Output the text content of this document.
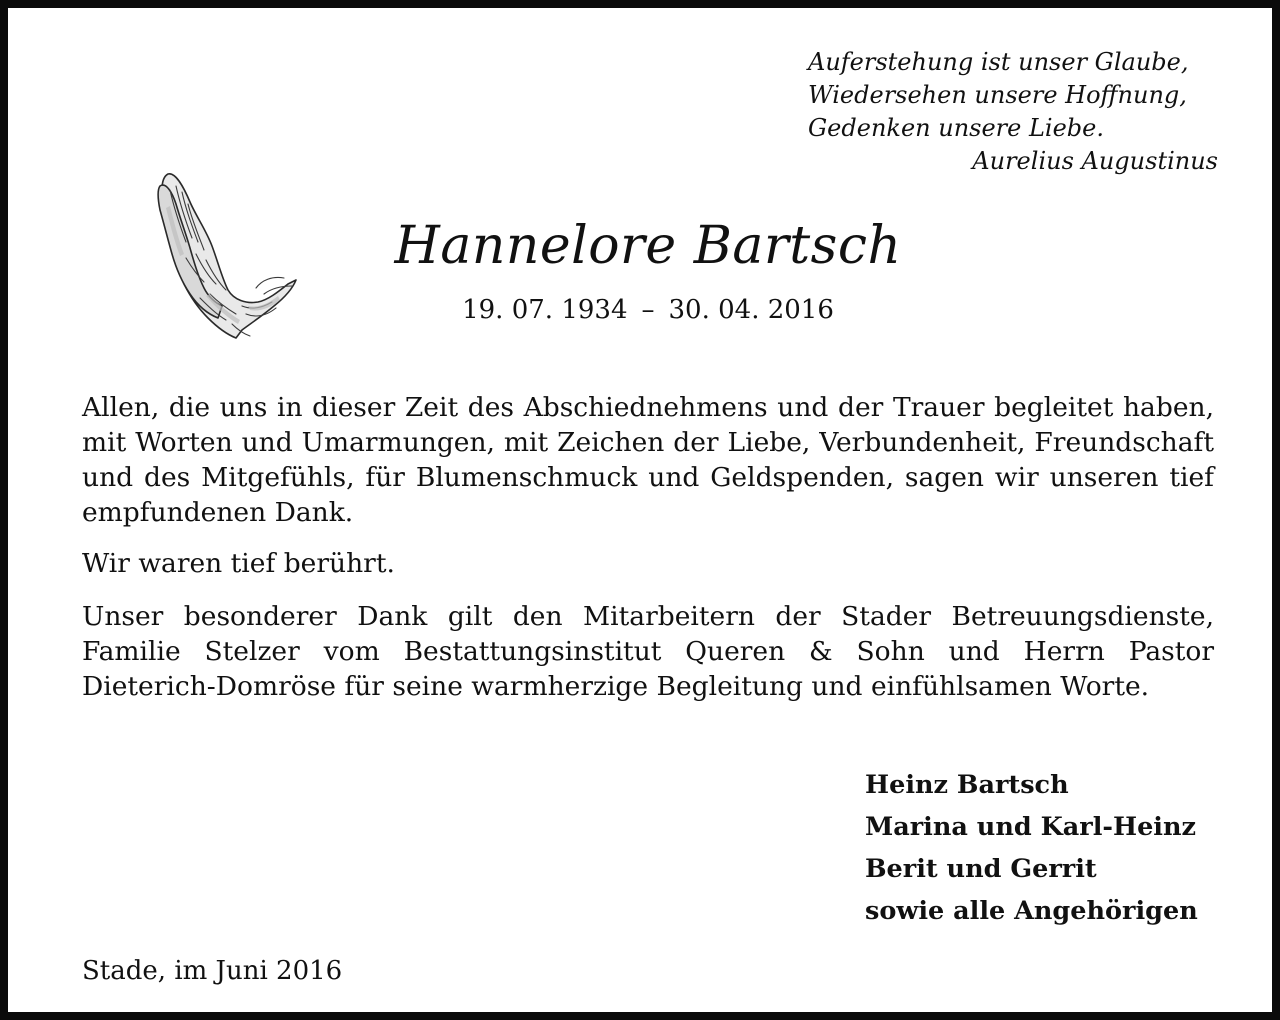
Auferstehung ist unser Glaube,
Wiedersehen unsere Hoffnung,
Gedenken unsere Liebe.
Aurelius Augustinus
Hannelore Bartsch
19. 07. 1934 – 30. 04. 2016
Allen, die uns in dieser Zeit des Abschiednehmens und der Trauer begleitet haben, mit Worten und Umarmungen, mit Zeichen der Liebe, Verbundenheit, Freundschaft und des Mitgefühls, für Blumenschmuck und Geldspenden, sagen wir unseren tief empfundenen Dank.
Wir waren tief berührt.
Unser besonderer Dank gilt den Mitarbeitern der Stader Betreuungsdienste, Familie Stelzer vom Bestattungsinstitut Queren & Sohn und Herrn Pastor Dieterich-Domröse für seine warmherzige Begleitung und einfühlsamen Worte.
Heinz Bartsch
Marina und Karl-Heinz
Berit und Gerrit
sowie alle Angehörigen
Stade, im Juni 2016
